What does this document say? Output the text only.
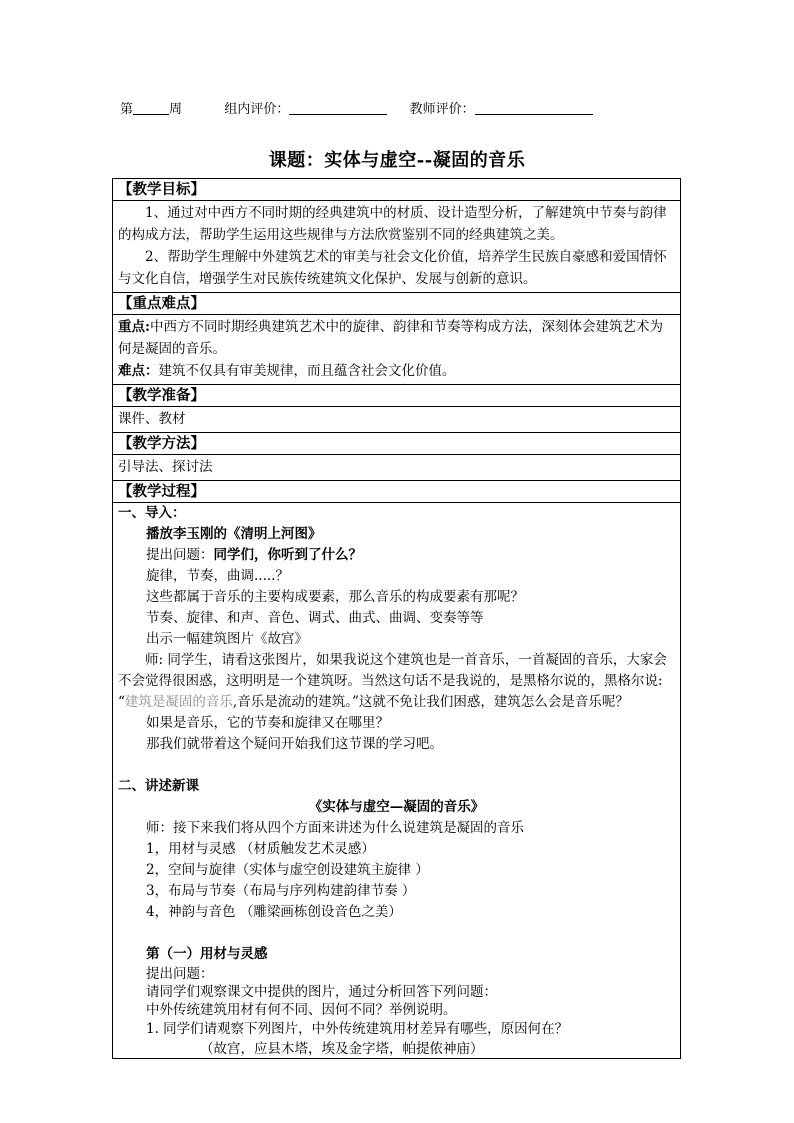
第	周	组内评价：	教师评价：
课题：实体与虚空--凝固的音乐
【教学目标】

1、通过对中西方不同时期的经典建筑中的材质、设计造型分析，了解建筑中节奏与韵律的构成方法，帮助学生运用这些规律与方法欣赏鉴别不同的经典建筑之美。

2、帮助学生理解中外建筑艺术的审美与社会文化价值，培养学生民族自豪感和爱国情怀与文化自信，增强学生对民族传统建筑文化保护、发展与创新的意识。

【重点难点】

重点:中西方不同时期经典建筑艺术中的旋律、韵律和节奏等构成方法，深刻体会建筑艺术为何是凝固的音乐。

难点：建筑不仅具有审美规律，而且蕴含社会文化价值。

【教学准备】
课件、教材
【教学方法】
引导法、探讨法
【教学过程】

一、导入：

播放李玉刚的《清明上河图》

提出问题：同学们，你听到了什么？

旋律，节奏，曲调.....？

这些都属于音乐的主要构成要素，那么音乐的构成要素有那呢？

节奏、旋律、和声、音色、调式、曲式、曲调、变奏等等

出示一幅建筑图片《故宫》

师: 同学生，请看这张图片，如果我说这个建筑也是一首音乐，一首凝固的音乐，大家会不会觉得很困惑，这明明是一个建筑呀。当然这句话不是我说的，是黑格尔说的，黑格尔说: “建筑是凝固的音乐,音乐是流动的建筑。”这就不免让我们困惑，建筑怎么会是音乐呢？

如果是音乐，它的节奏和旋律又在哪里？

那我们就带着这个疑问开始我们这节课的学习吧。

二、讲述新课

《实体与虚空—凝固的音乐》

师：接下来我们将从四个方面来讲述为什么说建筑是凝固的音乐

1，用材与灵感 （材质触发艺术灵感）

2，空间与旋律（实体与虚空创设建筑主旋律 ）

3，布局与节奏（布局与序列构建韵律节奏 ）

4，神韵与音色 （雕梁画栋创设音色之美）

第（一）用材与灵感

提出问题：

请同学们观察课文中提供的图片，通过分析回答下列问题：

中外传统建筑用材有何不同、因何不同？举例说明。

1. 同学们请观察下列图片，中外传统建筑用材差异有哪些，原因何在？

（故宫，应县木塔，埃及金字塔，帕提侬神庙）
